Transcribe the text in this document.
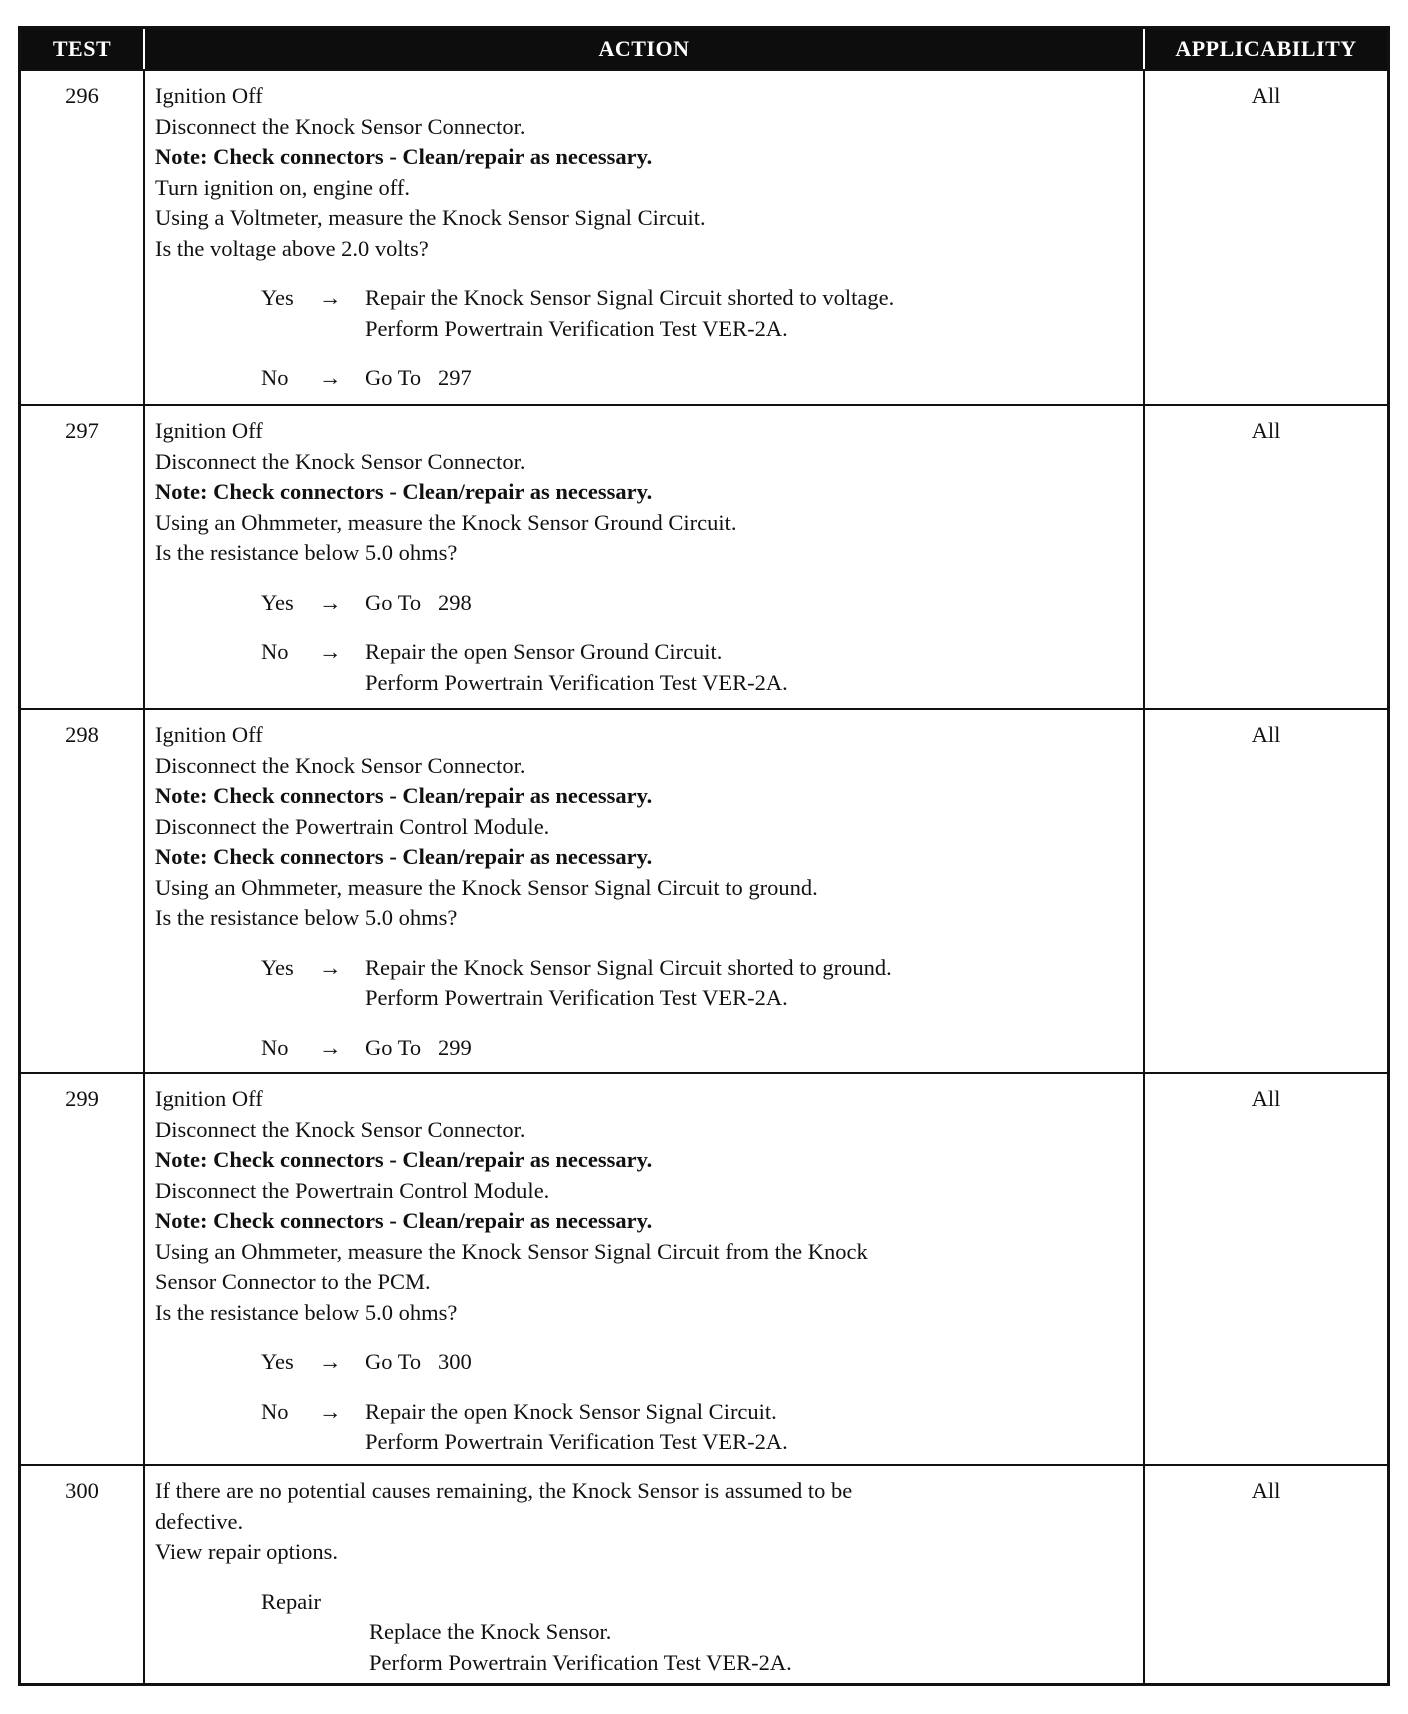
TEST	ACTION	APPLICABILITY
296	Ignition Off
Disconnect the Knock Sensor Connector.
Note: Check connectors - Clean/repair as necessary.
Turn ignition on, engine off.
Using a Voltmeter, measure the Knock Sensor Signal Circuit.
Is the voltage above 2.0 volts?
Yes	→	Repair the Knock Sensor Signal Circuit shorted to voltage.
Perform Powertrain Verification Test VER-2A.
No	→	Go To   297
All
297	Ignition Off
Disconnect the Knock Sensor Connector.
Note: Check connectors - Clean/repair as necessary.
Using an Ohmmeter, measure the Knock Sensor Ground Circuit.
Is the resistance below 5.0 ohms?
Yes	→	Go To   298
No	→	Repair the open Sensor Ground Circuit.
Perform Powertrain Verification Test VER-2A.
All
298	Ignition Off
Disconnect the Knock Sensor Connector.
Note: Check connectors - Clean/repair as necessary.
Disconnect the Powertrain Control Module.
Note: Check connectors - Clean/repair as necessary.
Using an Ohmmeter, measure the Knock Sensor Signal Circuit to ground.
Is the resistance below 5.0 ohms?
Yes	→	Repair the Knock Sensor Signal Circuit shorted to ground.
Perform Powertrain Verification Test VER-2A.
No	→	Go To   299
All
299	Ignition Off
Disconnect the Knock Sensor Connector.
Note: Check connectors - Clean/repair as necessary.
Disconnect the Powertrain Control Module.
Note: Check connectors - Clean/repair as necessary.
Using an Ohmmeter, measure the Knock Sensor Signal Circuit from the Knock
Sensor Connector to the PCM.
Is the resistance below 5.0 ohms?
Yes	→	Go To   300
No	→	Repair the open Knock Sensor Signal Circuit.
Perform Powertrain Verification Test VER-2A.
All
300	If there are no potential causes remaining, the Knock Sensor is assumed to be
defective.
View repair options.
Repair
Replace the Knock Sensor.
Perform Powertrain Verification Test VER-2A.
All
